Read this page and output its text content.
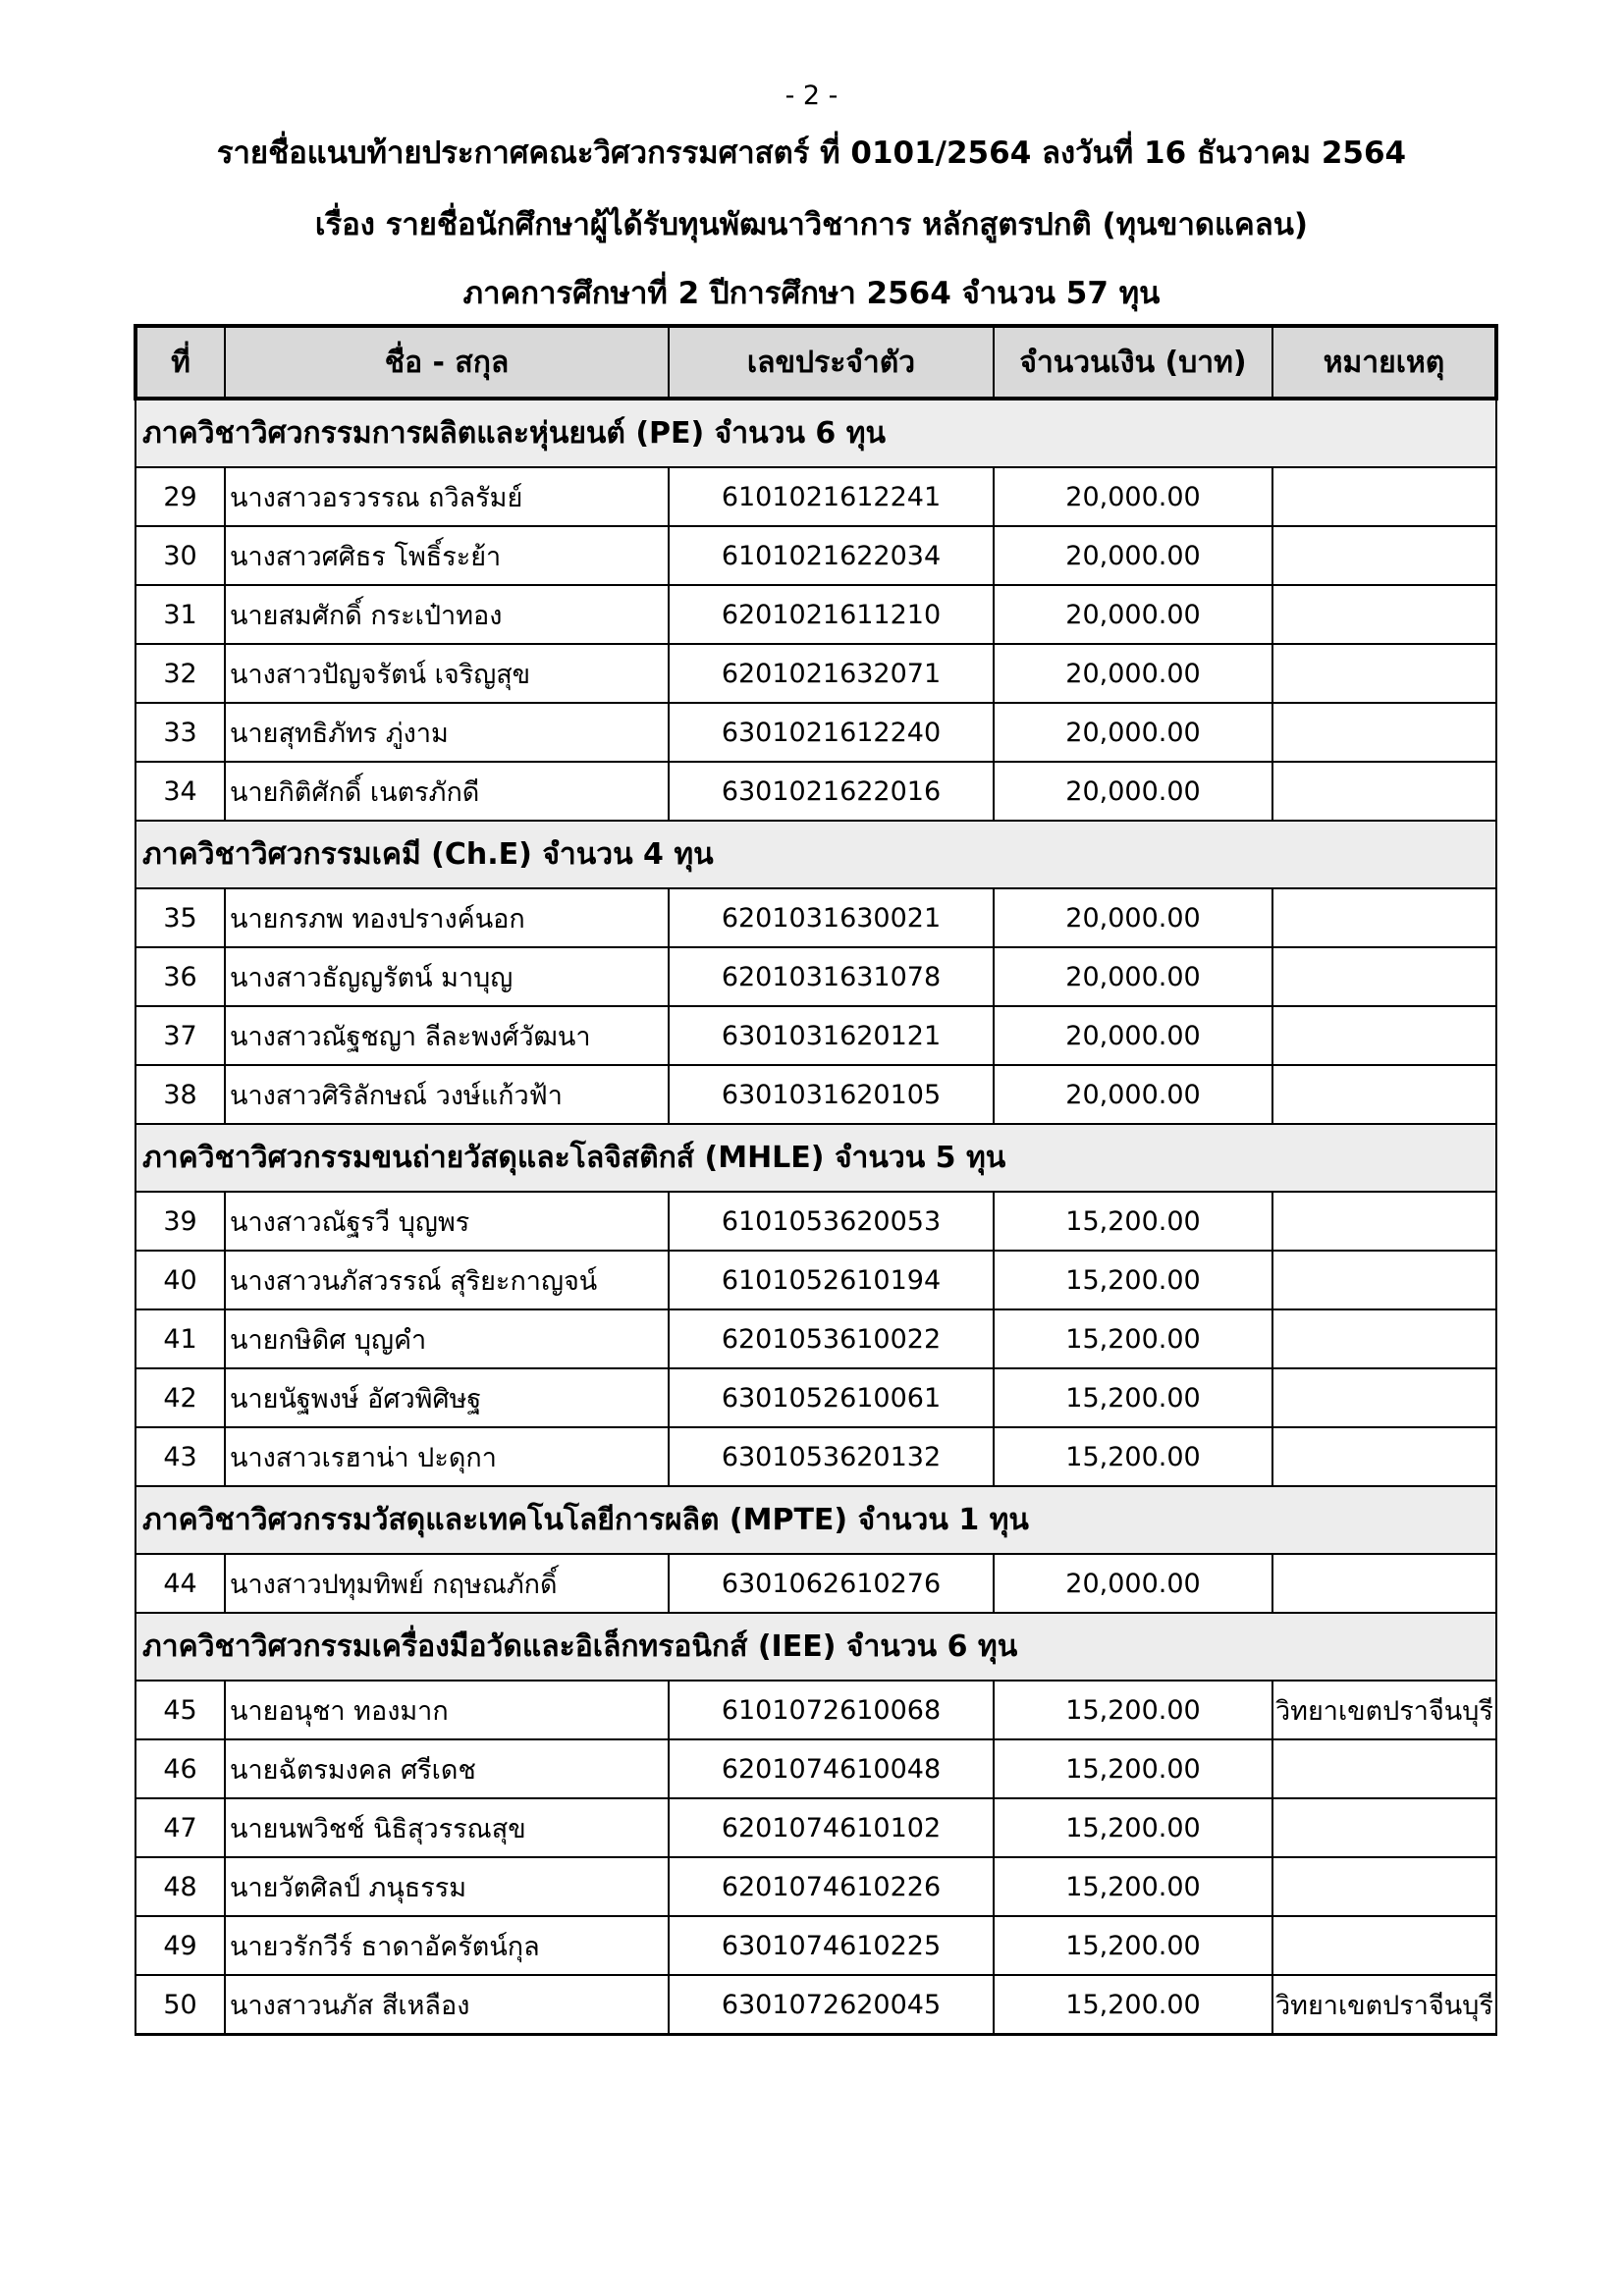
- 2 -
รายชื่อแนบท้ายประกาศคณะวิศวกรรมศาสตร์ ที่ 0101/2564 ลงวันที่ 16 ธันวาคม 2564
เรื่อง รายชื่อนักศึกษาผู้ได้รับทุนพัฒนาวิชาการ หลักสูตรปกติ (ทุนขาดแคลน)
ภาคการศึกษาที่ 2 ปีการศึกษา 2564 จำนวน 57 ทุน
ที่	ชื่อ - สกุล	เลขประจำตัว	จำนวนเงิน (บาท)	หมายเหตุ
ภาควิชาวิศวกรรมการผลิตและหุ่นยนต์ (PE) จำนวน 6 ทุน				
29	นางสาวอรวรรณ ถวิลรัมย์	6101021612241	20,000.00	
30	นางสาวศศิธร โพธิ์ระย้า	6101021622034	20,000.00	
31	นายสมศักดิ์ กระเป๋าทอง	6201021611210	20,000.00	
32	นางสาวปัญจรัตน์ เจริญสุข	6201021632071	20,000.00	
33	นายสุทธิภัทร ภู่งาม	6301021612240	20,000.00	
34	นายกิติศักดิ์ เนตรภักดี	6301021622016	20,000.00	
ภาควิชาวิศวกรรมเคมี (Ch.E) จำนวน 4 ทุน				
35	นายกรภพ ทองปรางค์นอก	6201031630021	20,000.00	
36	นางสาวธัญญรัตน์ มาบุญ	6201031631078	20,000.00	
37	นางสาวณัฐชญา ลีละพงศ์วัฒนา	6301031620121	20,000.00	
38	นางสาวศิริลักษณ์ วงษ์แก้วฟ้า	6301031620105	20,000.00	
ภาควิชาวิศวกรรมขนถ่ายวัสดุและโลจิสติกส์ (MHLE) จำนวน 5 ทุน				
39	นางสาวณัฐรวี บุญพร	6101053620053	15,200.00	
40	นางสาวนภัสวรรณ์ สุริยะกาญจน์	6101052610194	15,200.00	
41	นายกษิดิศ บุญคำ	6201053610022	15,200.00	
42	นายนัฐพงษ์ อัศวพิศิษฐ	6301052610061	15,200.00	
43	นางสาวเรฮาน่า ปะดุกา	6301053620132	15,200.00	
ภาควิชาวิศวกรรมวัสดุและเทคโนโลยีการผลิต (MPTE) จำนวน 1 ทุน				
44	นางสาวปทุมทิพย์ กฤษณภักดิ์	6301062610276	20,000.00	
ภาควิชาวิศวกรรมเครื่องมือวัดและอิเล็กทรอนิกส์ (IEE) จำนวน 6 ทุน				
45	นายอนุชา ทองมาก	6101072610068	15,200.00	วิทยาเขตปราจีนบุรี
46	นายฉัตรมงคล ศรีเดช	6201074610048	15,200.00	
47	นายนพวิชช์ นิธิสุวรรณสุข	6201074610102	15,200.00	
48	นายวัตศิลป์ ภนุธรรม	6201074610226	15,200.00	
49	นายวรักวีร์ ธาดาอัครัตน์กุล	6301074610225	15,200.00	
50	นางสาวนภัส สีเหลือง	6301072620045	15,200.00	วิทยาเขตปราจีนบุรี
